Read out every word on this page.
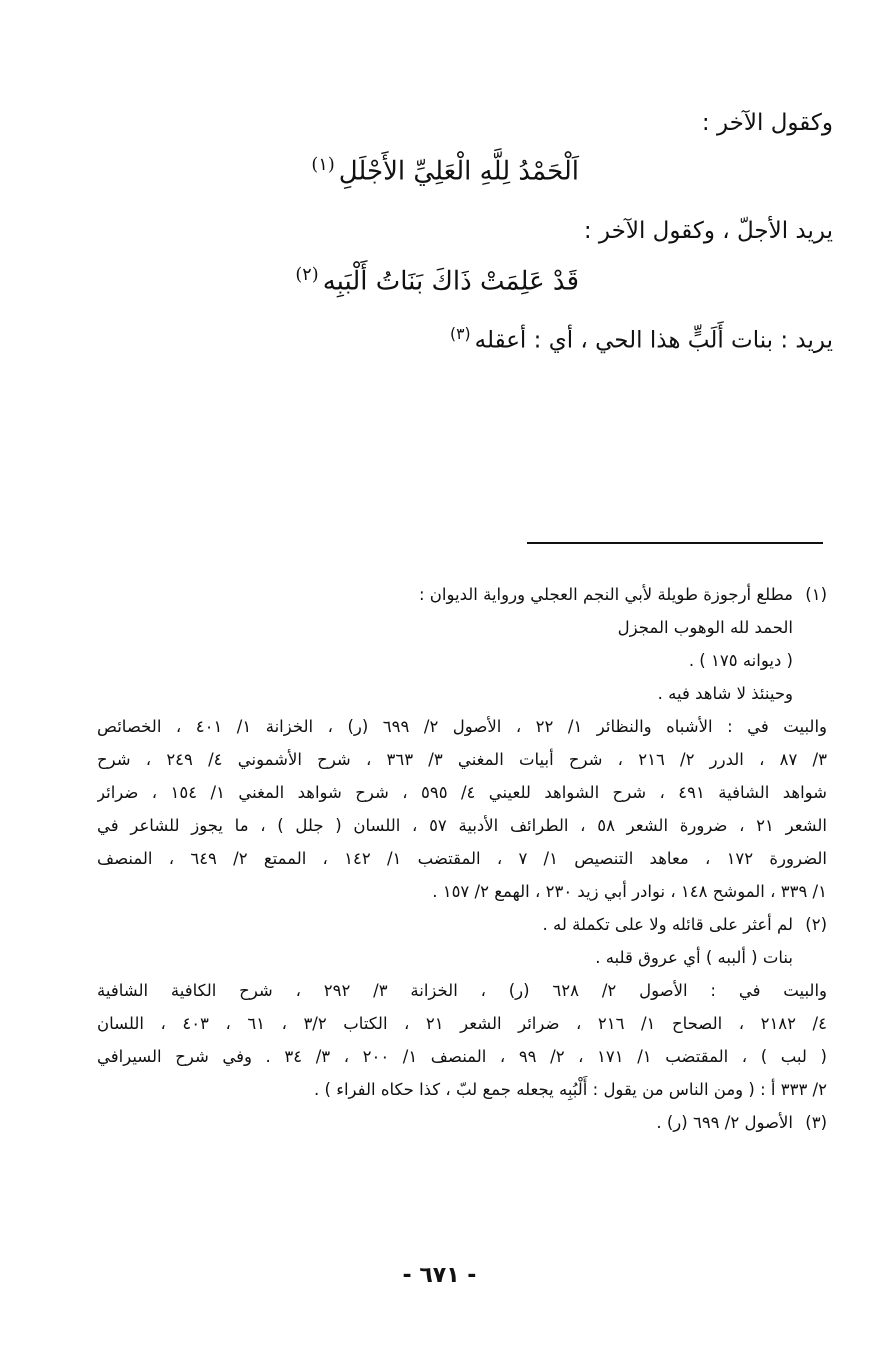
وكقول الآخر :
اَلْحَمْدُ لِلَّهِ الْعَلِيِّ الأَجْلَلِ$^{(١)}$
يريد الأجلّ ، وكقول الآخر :
قَدْ عَلِمَتْ ذَاكَ بَنَاتُ أَلْبَبِه$^{(٢)}$
يريد : بنات أَلَبٍّ هذا الحي ، أي : أعقله$^{(٣)}$
(١)مطلع أرجوزة طويلة لأبي النجم العجلي ورواية الديوان :
الحمد لله الوهوب المجزل
( ديوانه ١٧٥ ) .
وحينئذ لا شاهد فيه .
والبيت في : الأشباه والنظائر ١/ ٢٢ ، الأصول ٢/ ٦٩٩ (ر) ، الخزانة ١/ ٤٠١ ، الخصائص
٣/ ٨٧ ، الدرر ٢/ ٢١٦ ، شرح أبيات المغني ٣/ ٣٦٣ ، شرح الأشموني ٤/ ٢٤٩ ، شرح
شواهد الشافية ٤٩١ ، شرح الشواهد للعيني ٤/ ٥٩٥ ، شرح شواهد المغني ١/ ١٥٤ ، ضرائر
الشعر ٢١ ، ضرورة الشعر ٥٨ ، الطرائف الأدبية ٥٧ ، اللسان ( جلل ) ، ما يجوز للشاعر في
الضرورة ١٧٢ ، معاهد التنصيص ١/ ٧ ، المقتضب ١/ ١٤٢ ، الممتع ٢/ ٦٤٩ ، المنصف
١/ ٣٣٩ ، الموشح ١٤٨ ، نوادر أبي زيد ٢٣٠ ، الهمع ٢/ ١٥٧ .
(٢)لم أعثر على قائله ولا على تكملة له .
بنات ( ألببه ) أي عروق قلبه .
والبيت في : الأصول ٢/ ٦٢٨ (ر) ، الخزانة ٣/ ٢٩٢ ، شرح الكافية الشافية
٤/ ٢١٨٢ ، الصحاح ١/ ٢١٦ ، ضرائر الشعر ٢١ ، الكتاب ٣/٢ ، ٦١ ، ٤٠٣ ، اللسان
( لبب ) ، المقتضب ١/ ١٧١ ، ٢/ ٩٩ ، المنصف ١/ ٢٠٠ ، ٣/ ٣٤ . وفي شرح السيرافي
٢/ ٣٣٣ أ : ( ومن الناس من يقول : أَلْبُبِه يجعله جمع لبّ ، كذا حكاه الفراء ) .
(٣)الأصول ٢/ ٦٩٩ (ر) .
- ٦٧١ -
